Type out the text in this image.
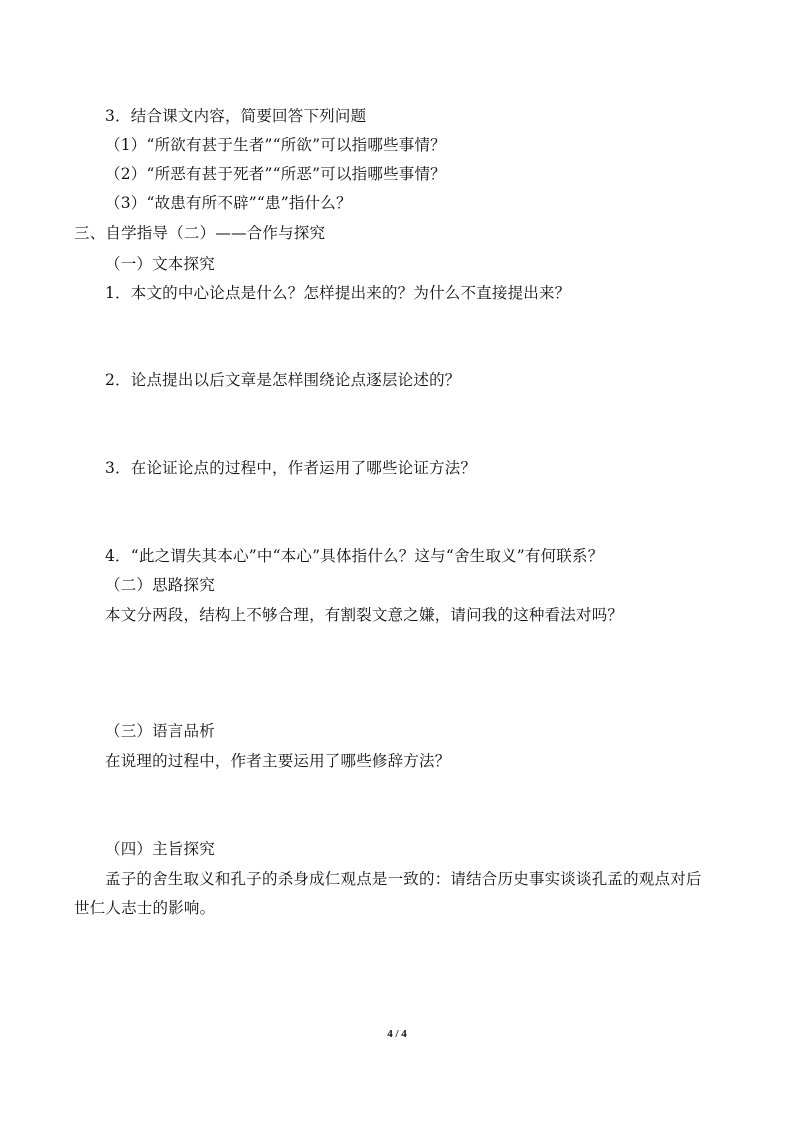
3．结合课文内容，简要回答下列问题
（1）“所欲有甚于生者”“所欲”可以指哪些事情？
（2）“所恶有甚于死者”“所恶”可以指哪些事情？
（3）“故患有所不辟”“患”指什么？
三、自学指导（二）——合作与探究
（一）文本探究
1．本文的中心论点是什么？怎样提出来的？为什么不直接提出来？
2．论点提出以后文章是怎样围绕论点逐层论述的？
3．在论证论点的过程中，作者运用了哪些论证方法？
4．“此之谓失其本心”中“本心”具体指什么？这与“舍生取义”有何联系？
（二）思路探究
本文分两段，结构上不够合理，有割裂文意之嫌，请问我的这种看法对吗？
（三）语言品析
在说理的过程中，作者主要运用了哪些修辞方法？
（四）主旨探究
孟子的舍生取义和孔子的杀身成仁观点是一致的：请结合历史事实谈谈孔孟的观点对后
世仁人志士的影响。
4 / 4
